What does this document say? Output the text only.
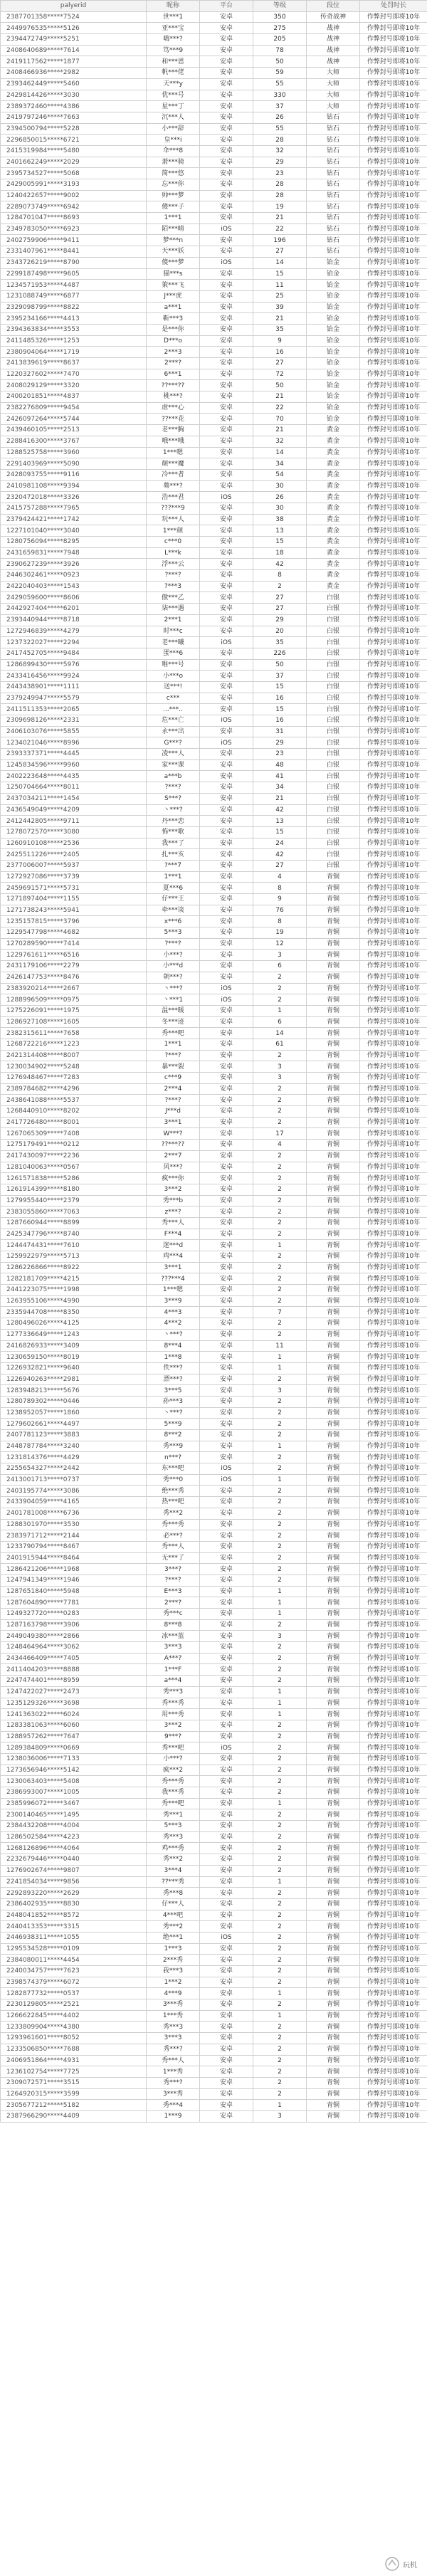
palyerid	昵称	平台	等级	段位	处罚时长
2387701358*****7524	世***1	安卓	350	传奇战神	作弊封号即将10年
2449976535*****5126	亚***宝	安卓	275	战神	作弊封号即将10年
2394472749*****5251	嗨***?	安卓	205	战神	作弊封号即将10年
2408640689*****7614	笃***9	安卓	78	战神	作弊封号即将10年
2419117562*****1877	和***恩	安卓	50	战神	作弊封号即将10年
2408466936*****2982	帆***佬	安卓	59	大师	作弊封号即将10年
2393462449*****5460	天***y	安卓	55	大师	作弊封号即将10年
2429814426*****3030	优***号	安卓	330	大师	作弊封号即将10年
2389372460*****4386	星***丁	安卓	37	大师	作弊封号即将10年
2419797246*****7663	沉***人	安卓	26	钻石	作弊封号即将10年
2394500794*****5228	小***辞	安卓	55	钻石	作弊封号即将10年
2296850015*****6721	皇***i	安卓	28	钻石	作弊封号即将10年
2415319984*****5480	伞***8	安卓	32	钻石	作弊封号即将10年
2401662249*****2029	萧***骑	安卓	29	钻石	作弊封号即将10年
2395734527*****5068	简***悠	安卓	23	钻石	作弊封号即将10年
2429005991*****3193	忘***你	安卓	28	钻石	作弊封号即将10年
1240422657*****9002	帅***梦	安卓	28	钻石	作弊封号即将10年
2289073749*****6942	傻***子	安卓	19	钻石	作弊封号即将10年
1284701047*****8693	1***1	安卓	21	钻石	作弊封号即将10年
2349783050*****6923	陌***晴	iOS	22	钻石	作弊封号即将10年
2402759906*****9411	梦***n	安卓	196	钻石	作弊封号即将10年
2331407961*****8441	天***妖	安卓	27	钻石	作弊封号即将10年
2343726219*****8790	傻***梦	iOS	14	铂金	作弊封号即将10年
2299187498*****9605	猫***s	安卓	15	铂金	作弊封号即将10年
1234571953*****4487	策***飞	安卓	11	铂金	作弊封号即将10年
1231088749*****6877	J***虎	安卓	25	铂金	作弊封号即将10年
2329098799*****8822	a***1	安卓	39	铂金	作弊封号即将10年
2395234166*****4413	靳***3	安卓	21	铂金	作弊封号即将10年
2394363834*****3553	是***你	安卓	35	铂金	作弊封号即将10年
2411485326*****1253	D***o	安卓	9	铂金	作弊封号即将10年
2380904064*****1719	2***3	安卓	16	铂金	作弊封号即将10年
2413839619*****8637	2***?	安卓	27	铂金	作弊封号即将10年
1220327602*****7470	6***1	安卓	72	铂金	作弊封号即将10年
2408029129*****3320	??***??	安卓	50	铂金	作弊封号即将10年
2400201851*****4837	桃***?	安卓	21	铂金	作弊封号即将10年
2382276809*****9454	虐***心	安卓	22	铂金	作弊封号即将10年
2426097264*****5744	??***花	安卓	70	铂金	作弊封号即将10年
2439460105*****2513	老***胸	安卓	21	黄金	作弊封号即将10年
2288416300*****3767	哦***哦	安卓	32	黄金	作弊封号即将10年
1288525758*****3960	1***嗯	安卓	14	黄金	作弊封号即将10年
2291403969*****5090	颠***魔	安卓	34	黄金	作弊封号即将10年
2428093755*****9116	冷***者	安卓	54	黄金	作弊封号即将10年
2410981108*****9394	蓦***?	安卓	30	黄金	作弊封号即将10年
2320472018*****3326	浩***君	iOS	26	黄金	作弊封号即将10年
2415757288*****7965	???***9	安卓	30	黄金	作弊封号即将10年
2379424421*****1742	玩***人	安卓	38	黄金	作弊封号即将10年
1227101040*****3040	1***颜	安卓	13	黄金	作弊封号即将10年
1280756094*****8295	c***0	安卓	15	黄金	作弊封号即将10年
2431659831*****7948	L***k	安卓	18	黄金	作弊封号即将10年
2390627239*****3926	浮***云	安卓	42	黄金	作弊封号即将10年
2446302461*****0923	?***?	安卓	8	黄金	作弊封号即将10年
2422040403*****1543	?***3	安卓	2	黄金	作弊封号即将10年
2429059600*****8606	傲***乙	安卓	27	白银	作弊封号即将10年
2442927404*****6201	柒***遇	安卓	27	白银	作弊封号即将10年
2393440944*****8718	2***1	安卓	29	白银	作弊封号即将10年
1272946839*****4279	时***c	安卓	20	白银	作弊封号即将10年
1237322027*****2294	老***曦	iOS	35	白银	作弊封号即将10年
2417452705*****9484	蛋***6	安卓	226	白银	作弊封号即将10年
1286899430*****5976	唯***号	安卓	50	白银	作弊封号即将10年
2433416456*****9924	小***o	安卓	37	白银	作弊封号即将10年
2443438901*****1111	送***!	安卓	15	白银	作弊封号即将10年
2379249947*****5579	c***	安卓	16	白银	作弊封号即将10年
2411511353*****2065	...***..	安卓	15	白银	作弊封号即将10年
2309698126*****2331	危***亡	iOS	16	白银	作弊封号即将10年
2406103076*****5855	永***出	安卓	31	白银	作弊封号即将10年
1234021046*****8996	G***?	iOS	29	白银	作弊封号即将10年
2393337371*****4445	凌***人	安卓	23	白银	作弊封号即将10年
1245834596*****9960	家***课	安卓	48	白银	作弊封号即将10年
2402223648*****4435	a***b	安卓	41	白银	作弊封号即将10年
1250704664*****8011	?***?	安卓	34	白银	作弊封号即将10年
2437034211*****1454	S***?	安卓	21	白银	作弊封号即将10年
2436549049*****4209	丶***?	安卓	42	白银	作弊封号即将10年
2412442805*****9711	丹***恋	安卓	13	白银	作弊封号即将10年
1278072570*****3080	怖***歌	安卓	15	白银	作弊封号即将10年
1260910108*****2536	我***了	安卓	24	白银	作弊封号即将10年
2425511226*****2405	扎***亥	安卓	42	白银	作弊封号即将10年
2377006007*****5937	?***7	安卓	27	白银	作弊封号即将10年
1272927086*****3739	1***1	安卓	4	青铜	作弊封号即将10年
2459691571*****5731	夏***6	安卓	8	青铜	作弊封号即将10年
1271897404*****1155	仔***王	安卓	9	青铜	作弊封号即将10年
1271738243*****5941	牵***谈	安卓	76	青铜	作弊封号即将10年
1235157815*****3796	x***6	安卓	8	青铜	作弊封号即将10年
1229547798*****4682	5***3	安卓	19	青铜	作弊封号即将10年
1270289590*****7414	?***?	安卓	12	青铜	作弊封号即将10年
1229761611*****6516	小***?	安卓	3	青铜	作弊封号即将10年
2431179106*****2279	小***d	安卓	6	青铜	作弊封号即将10年
2426147753*****8476	朝***?	安卓	2	青铜	作弊封号即将10年
2383920214*****2667	丶***?	iOS	2	青铜	作弊封号即将10年
1288996509*****0975	丶***1	iOS	2	青铜	作弊封号即将10年
1275226091*****1975	温***暖	安卓	1	青铜	作弊封号即将10年
1286927108*****1605	冬***迹	安卓	6	青铜	作弊封号即将10年
2382315611*****7658	秀***吧	安卓	14	青铜	作弊封号即将10年
1268722216*****1223	1***1	安卓	61	青铜	作弊封号即将10年
2421314408*****8007	?***?	安卓	2	青铜	作弊封号即将10年
1230034902*****5248	暴***裂	安卓	3	青铜	作弊封号即将10年
1276948467*****7283	c***9	安卓	3	青铜	作弊封号即将10年
2389784682*****4296	2***4	安卓	2	青铜	作弊封号即将10年
2438641088*****5537	?***?	安卓	2	青铜	作弊封号即将10年
1268440910*****8202	J***d	安卓	2	青铜	作弊封号即将10年
2417726480*****8001	3***1	安卓	2	青铜	作弊封号即将10年
1267065309*****7408	W***?	安卓	17	青铜	作弊封号即将10年
1275179491*****0212	??***??	安卓	4	青铜	作弊封号即将10年
2417430097*****2236	2***7	安卓	2	青铜	作弊封号即将10年
1281040063*****0567	风***?	安卓	2	青铜	作弊封号即将10年
1261571838*****5286	疯***你	安卓	2	青铜	作弊封号即将10年
1261914399*****8180	3***2	安卓	2	青铜	作弊封号即将10年
1279955440*****2379	秀***b	安卓	2	青铜	作弊封号即将10年
2383055860*****7063	z***?	安卓	2	青铜	作弊封号即将10年
1287660944*****8899	秀***人	安卓	2	青铜	作弊封号即将10年
2425347796*****8740	F***4	安卓	2	青铜	作弊封号即将10年
1244474431*****7610	迷***d	安卓	1	青铜	作弊封号即将10年
1259922979*****5713	鸡***4	安卓	2	青铜	作弊封号即将10年
1286226866*****8922	3***1	安卓	2	青铜	作弊封号即将10年
1282181709*****4215	???***4	安卓	2	青铜	作弊封号即将10年
2441223075*****1998	1***嗯	安卓	2	青铜	作弊封号即将10年
1263955106*****4990	3***9	安卓	2	青铜	作弊封号即将10年
2335944708*****8350	4***3	安卓	7	青铜	作弊封号即将10年
1280496026*****4125	4***2	安卓	2	青铜	作弊封号即将10年
1277336649*****1243	丶***?	安卓	2	青铜	作弊封号即将10年
2416826933*****3409	8***4	安卓	11	青铜	作弊封号即将10年
1230659150*****8019	1***8	安卓	1	青铜	作弊封号即将10年
1226932821*****9640	佚***?	安卓	1	青铜	作弊封号即将10年
1226940263*****2981	漂***?	安卓	2	青铜	作弊封号即将10年
1283948213*****5676	3***5	安卓	3	青铜	作弊封号即将10年
1280789302*****0446	孙***3	安卓	2	青铜	作弊封号即将10年
1238952057*****1860	丶***?	安卓	2	青铜	作弊封号即将10年
1279602661*****4497	5***9	安卓	2	青铜	作弊封号即将10年
2407781123*****3883	8***2	安卓	2	青铜	作弊封号即将10年
2448787784*****3240	秀***9	安卓	1	青铜	作弊封号即将10年
1231814376*****4429	n***?	安卓	2	青铜	作弊封号即将10年
2255654327*****2442	东***吧	iOS	2	青铜	作弊封号即将10年
2413001713*****0737	秀***0	iOS	1	青铜	作弊封号即将10年
2403195774*****3086	绝***秀	安卓	2	青铜	作弊封号即将10年
2433904059*****4165	热***吧	安卓	2	青铜	作弊封号即将10年
2401781008*****6736	秀***2	安卓	2	青铜	作弊封号即将10年
1288301970*****3530	秀***秀	安卓	2	青铜	作弊封号即将10年
2383971712*****2144	必***?	安卓	2	青铜	作弊封号即将10年
1233790794*****8467	秀***人	安卓	2	青铜	作弊封号即将10年
2401915944*****8464	无***了	安卓	2	青铜	作弊封号即将10年
1286421206*****1968	3***?	安卓	2	青铜	作弊封号即将10年
1247941349*****1946	?***?	安卓	2	青铜	作弊封号即将10年
1287651840*****5948	E***3	安卓	1	青铜	作弊封号即将10年
1287604890*****7781	2***?	安卓	1	青铜	作弊封号即将10年
1249327720*****0283	秀***c	安卓	1	青铜	作弊封号即将10年
1287163798*****3906	8***8	安卓	2	青铜	作弊封号即将10年
2449049380*****2866	冰***蓝	安卓	3	青铜	作弊封号即将10年
1248464964*****3062	3***3	安卓	2	青铜	作弊封号即将10年
2434466409*****7405	A***?	安卓	2	青铜	作弊封号即将10年
2411404203*****8888	1***F	安卓	2	青铜	作弊封号即将10年
2247474401*****8959	a***4	安卓	2	青铜	作弊封号即将10年
1247422027*****2473	秀***3	安卓	1	青铜	作弊封号即将10年
1235129326*****3698	秀***秀	安卓	1	青铜	作弊封号即将10年
1241363022*****6024	用***秀	安卓	1	青铜	作弊封号即将10年
1283381063*****6060	3***2	安卓	2	青铜	作弊封号即将10年
1288957262*****7647	9***?	安卓	2	青铜	作弊封号即将10年
1289384809*****0669	秀***吧	iOS	2	青铜	作弊封号即将10年
1238036006*****7133	小***?	安卓	2	青铜	作弊封号即将10年
1273656946*****5142	疯***2	安卓	2	青铜	作弊封号即将10年
1230063403*****5408	秀***秀	安卓	2	青铜	作弊封号即将10年
2386993007*****1005	我***秀	安卓	2	青铜	作弊封号即将10年
2385996072*****3467	秀***吧	安卓	1	青铜	作弊封号即将10年
2300140465*****1495	秀***1	安卓	2	青铜	作弊封号即将10年
2384432208*****4004	5***3	安卓	2	青铜	作弊封号即将10年
1286502584*****4223	秀***3	安卓	2	青铜	作弊封号即将10年
1268126896*****4064	鸡***秀	安卓	2	青铜	作弊封号即将10年
2232679446*****0440	秀***2	安卓	2	青铜	作弊封号即将10年
1276902674*****9807	3***4	安卓	2	青铜	作弊封号即将10年
2241854034*****9856	??***秀	安卓	1	青铜	作弊封号即将10年
2292893220*****2629	秀***8	安卓	2	青铜	作弊封号即将10年
2386402935*****8830	仔***人	安卓	2	青铜	作弊封号即将10年
2448041852*****8572	4***吧	安卓	2	青铜	作弊封号即将10年
2440413353*****3315	秀***2	安卓	2	青铜	作弊封号即将10年
2446938311*****1055	绝***1	iOS	2	青铜	作弊封号即将10年
1295534528*****0109	1***3	安卓	2	青铜	作弊封号即将10年
2384080011*****4454	2***秀	安卓	2	青铜	作弊封号即将10年
2240034757*****7623	我***3	安卓	2	青铜	作弊封号即将10年
2398574379*****6072	1***2	安卓	2	青铜	作弊封号即将10年
1282877732*****0537	4***9	安卓	1	青铜	作弊封号即将10年
2230129805*****2521	3***秀	安卓	2	青铜	作弊封号即将10年
1266622845*****4402	1***秀	安卓	1	青铜	作弊封号即将10年
1233809904*****4380	秀***3	安卓	2	青铜	作弊封号即将10年
1293961601*****8052	3***3	安卓	2	青铜	作弊封号即将10年
1233506850*****7688	秀***?	安卓	2	青铜	作弊封号即将10年
2406951864*****4931	秀***人	安卓	2	青铜	作弊封号即将10年
1236102754*****7725	1***秀	安卓	2	青铜	作弊封号即将10年
2309072571*****3515	秀***?	安卓	2	青铜	作弊封号即将10年
1264920315*****3599	3***秀	安卓	2	青铜	作弊封号即将10年
2305677212*****5182	秀***4	安卓	1	青铜	作弊封号即将10年
2387966290*****4409	1***9	安卓	3	青铜	作弊封号即将10年
玩机
